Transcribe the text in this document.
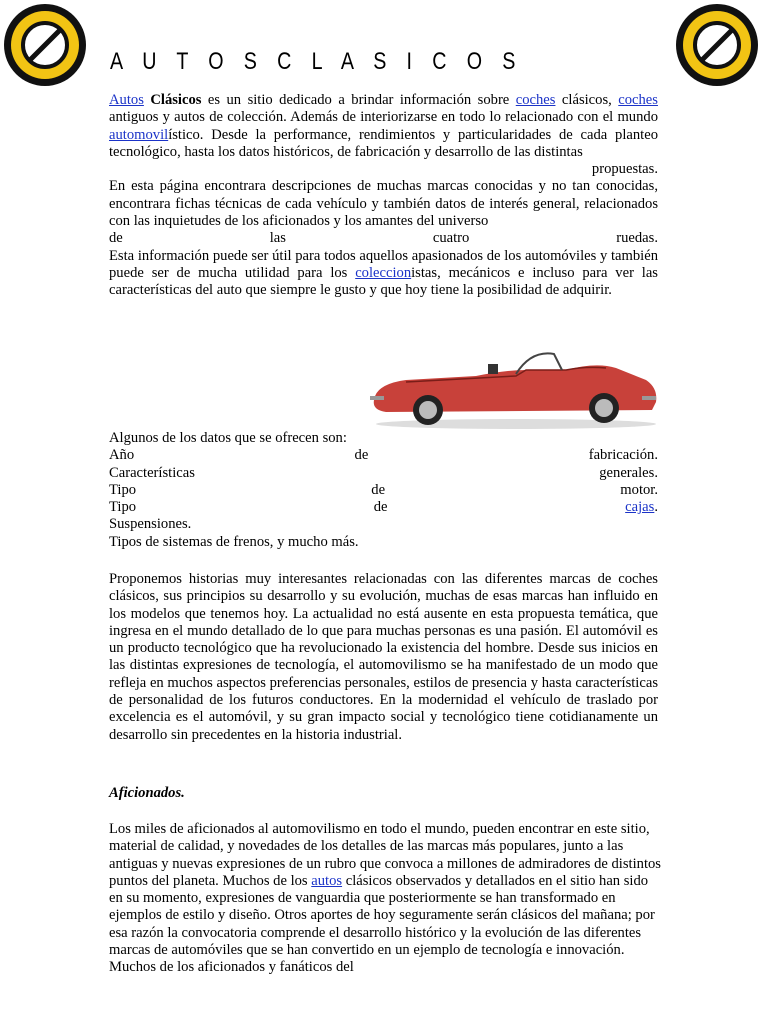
A U T O S C L A S I C O S

Autos Clásicos es un sitio dedicado a brindar información sobre coches clásicos, coches antiguos y autos de colección. Además de interiorizarse en todo lo relacionado con el mundo automovilístico. Desde la performance, rendimientos y particularidades de cada planteo tecnológico, hasta los datos históricos, de fabricación y desarrollo de las distintas

propuestas.

En esta página encontrara descripciones de muchas marcas conocidas y no tan conocidas, encontrara fichas técnicas de cada vehículo y también datos de interés general, relacionados con las inquietudes de los aficionados y los amantes del universo

de las cuatro ruedas.

Esta información puede ser útil para todos aquellos apasionados de los automóviles y también puede ser de mucha utilidad para los coleccionistas, mecánicos e incluso para ver las características del auto que siempre le gusto y que hoy tiene la posibilidad de adquirir.

Algunos de los datos que se ofrecen son:

Año de fabricación.

Características generales.

Tipo de motor.

Tipo de cajas.

Suspensiones.

Tipos de sistemas de frenos, y mucho más.

Proponemos historias muy interesantes relacionadas con las diferentes marcas de coches clásicos, sus principios su desarrollo y su evolución, muchas de esas marcas han influido en los modelos que tenemos hoy. La actualidad no está ausente en esta propuesta temática, que ingresa en el mundo detallado de lo que para muchas personas es una pasión. El automóvil es un producto tecnológico que ha revolucionado la existencia del hombre. Desde sus inicios en las distintas expresiones de tecnología, el automovilismo se ha manifestado de un modo que refleja en muchos aspectos preferencias personales, estilos de presencia y hasta características de personalidad de los futuros conductores. En la modernidad el vehículo de traslado por excelencia es el automóvil, y su gran impacto social y tecnológico tiene cotidianamente un desarrollo sin precedentes en la historia industrial.

Aficionados.

Los miles de aficionados al automovilismo en todo el mundo, pueden encontrar en este sitio, material de calidad, y novedades de los detalles de las marcas más populares, junto a las antiguas y nuevas expresiones de un rubro que convoca a millones de admiradores de distintos puntos del planeta. Muchos de los autos clásicos observados y detallados en el sitio han sido en su momento, expresiones de vanguardia que posteriormente se han transformado en ejemplos de estilo y diseño. Otros aportes de hoy seguramente serán clásicos del mañana; por esa razón la convocatoria comprende el desarrollo histórico y la evolución de las diferentes marcas de automóviles que se han convertido en un ejemplo de tecnología e innovación. Muchos de los aficionados y fanáticos del
